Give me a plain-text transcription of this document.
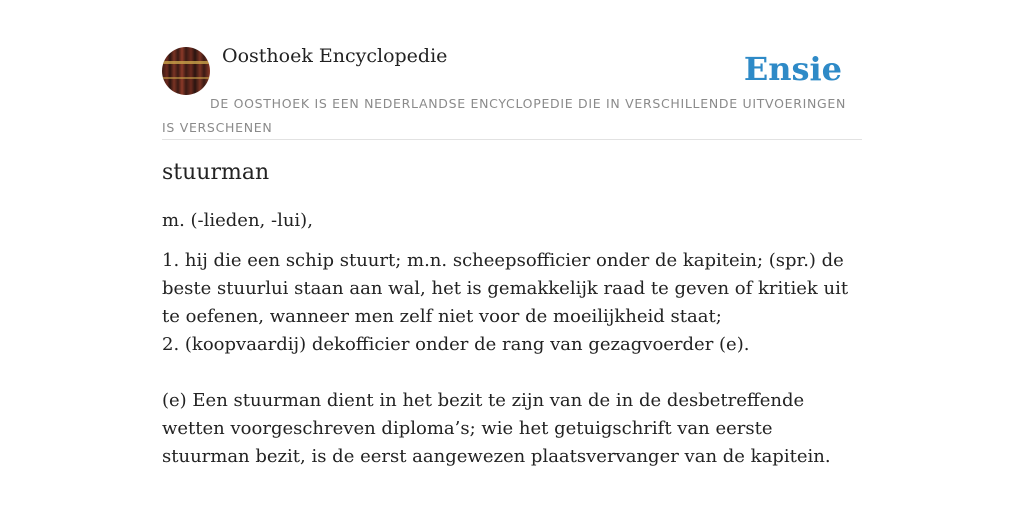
Oosthoek Encyclopedie	Ensie
DE OOSTHOEK IS EEN NEDERLANDSE ENCYCLOPEDIE DIE IN VERSCHILLENDE UITVOERINGEN IS VERSCHENEN
stuurman

m. (-lieden, -lui),

1. hij die een schip stuurt; m.n. scheepsofficier onder de kapitein; (spr.) de beste stuurlui staan aan wal, het is gemakkelijk raad te geven of kritiek uit te oefenen, wanneer men zelf niet voor de moeilijkheid staat;

2. (koopvaardij) dekofficier onder de rang van gezagvoerder (e).

(e) Een stuurman dient in het bezit te zijn van de in de desbetreffende wetten voorgeschreven diploma’s; wie het getuigschrift van eerste stuurman bezit, is de eerst aangewezen plaatsvervanger van de kapitein.
